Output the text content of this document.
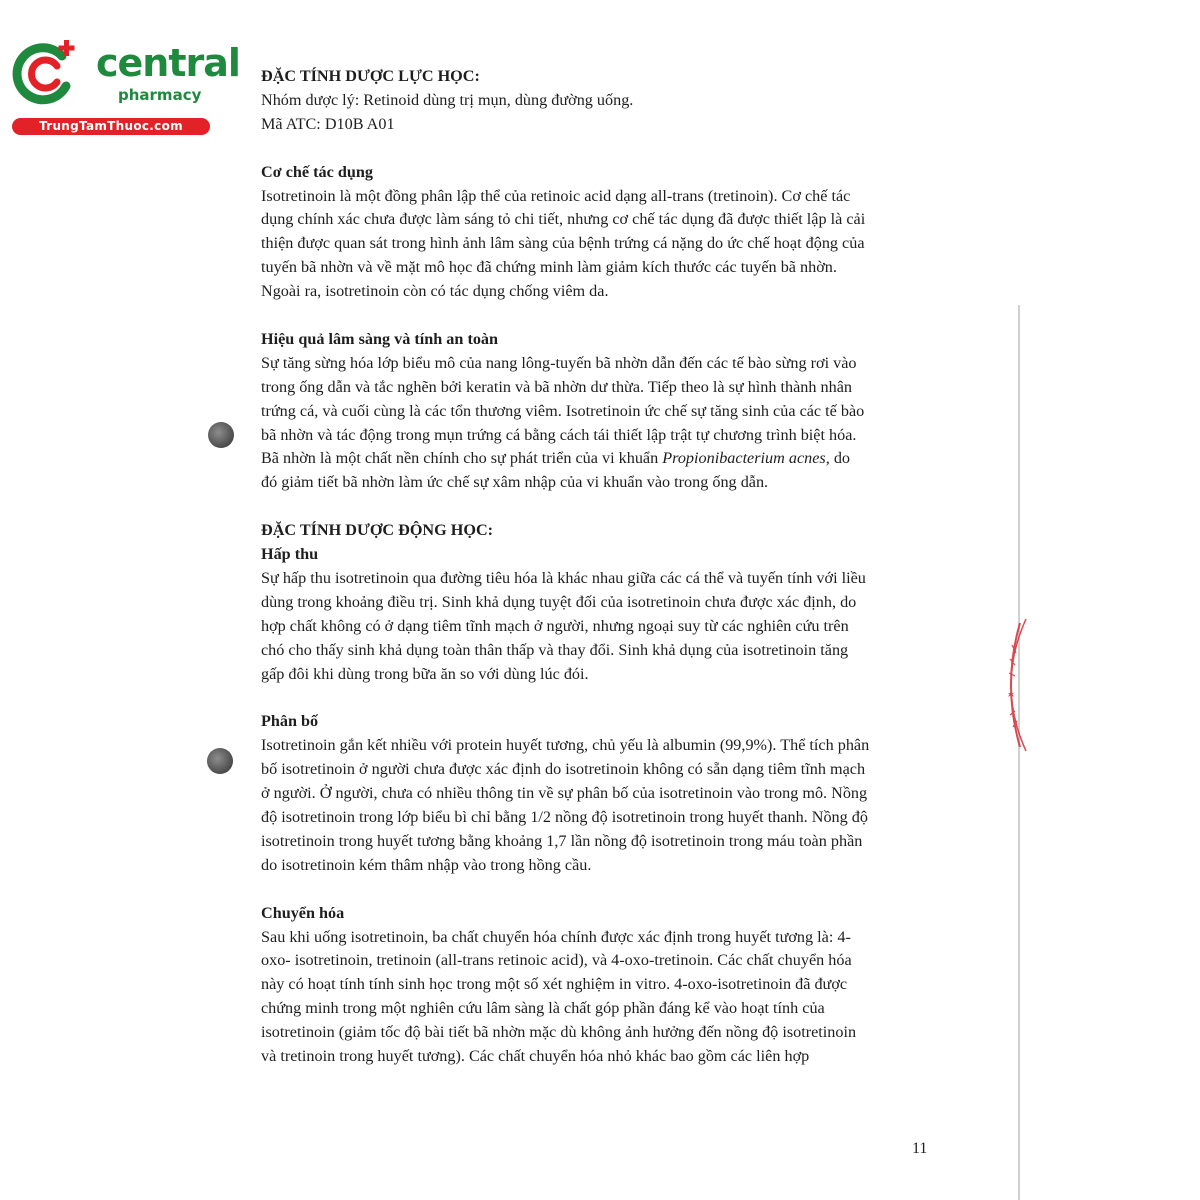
central
pharmacy
TrungTamThuoc.com
ĐẶC TÍNH DƯỢC LỰC HỌC:
Nhóm dược lý: Retinoid dùng trị mụn, dùng đường uống.
Mã ATC: D10B A01
Cơ chế tác dụng
Isotretinoin là một đồng phân lập thể của retinoic acid dạng all-trans (tretinoin). Cơ chế tác
dụng chính xác chưa được làm sáng tỏ chi tiết, nhưng cơ chế tác dụng đã được thiết lập là cải
thiện được quan sát trong hình ảnh lâm sàng của bệnh trứng cá nặng do ức chế hoạt động của
tuyến bã nhờn và về mặt mô học đã chứng minh làm giảm kích thước các tuyến bã nhờn.
Ngoài ra, isotretinoin còn có tác dụng chống viêm da.
Hiệu quả lâm sàng và tính an toàn
Sự tăng sừng hóa lớp biểu mô của nang lông-tuyến bã nhờn dẫn đến các tế bào sừng rơi vào
trong ống dẫn và tắc nghẽn bởi keratin và bã nhờn dư thừa. Tiếp theo là sự hình thành nhân
trứng cá, và cuối cùng là các tổn thương viêm. Isotretinoin ức chế sự tăng sinh của các tế bào
bã nhờn và tác động trong mụn trứng cá bằng cách tái thiết lập trật tự chương trình biệt hóa.
Bã nhờn là một chất nền chính cho sự phát triển của vi khuẩn Propionibacterium acnes, do
đó giảm tiết bã nhờn làm ức chế sự xâm nhập của vi khuẩn vào trong ống dẫn.
ĐẶC TÍNH DƯỢC ĐỘNG HỌC:
Hấp thu
Sự hấp thu isotretinoin qua đường tiêu hóa là khác nhau giữa các cá thể và tuyến tính với liều
dùng trong khoảng điều trị. Sinh khả dụng tuyệt đối của isotretinoin chưa được xác định, do
hợp chất không có ở dạng tiêm tĩnh mạch ở người, nhưng ngoại suy từ các nghiên cứu trên
chó cho thấy sinh khả dụng toàn thân thấp và thay đổi. Sinh khả dụng của isotretinoin tăng
gấp đôi khi dùng trong bữa ăn so với dùng lúc đói.
Phân bố
Isotretinoin gắn kết nhiều với protein huyết tương, chủ yếu là albumin (99,9%). Thể tích phân
bố isotretinoin ở người chưa được xác định do isotretinoin không có sẵn dạng tiêm tĩnh mạch
ở người. Ở người, chưa có nhiều thông tin về sự phân bố của isotretinoin vào trong mô. Nồng
độ isotretinoin trong lớp biểu bì chỉ bằng 1/2 nồng độ isotretinoin trong huyết thanh. Nồng độ
isotretinoin trong huyết tương bằng khoảng 1,7 lần nồng độ isotretinoin trong máu toàn phần
do isotretinoin kém thâm nhập vào trong hồng cầu.
Chuyển hóa
Sau khi uống isotretinoin, ba chất chuyển hóa chính được xác định trong huyết tương là: 4-
oxo- isotretinoin, tretinoin (all-trans retinoic acid), và 4-oxo-tretinoin. Các chất chuyển hóa
này có hoạt tính tính sinh học trong một số xét nghiệm in vitro. 4-oxo-isotretinoin đã được
chứng minh trong một nghiên cứu lâm sàng là chất góp phần đáng kể vào hoạt tính của
isotretinoin (giảm tốc độ bài tiết bã nhờn mặc dù không ảnh hưởng đến nồng độ isotretinoin
và tretinoin trong huyết tương). Các chất chuyển hóa nhỏ khác bao gồm các liên hợp
11
